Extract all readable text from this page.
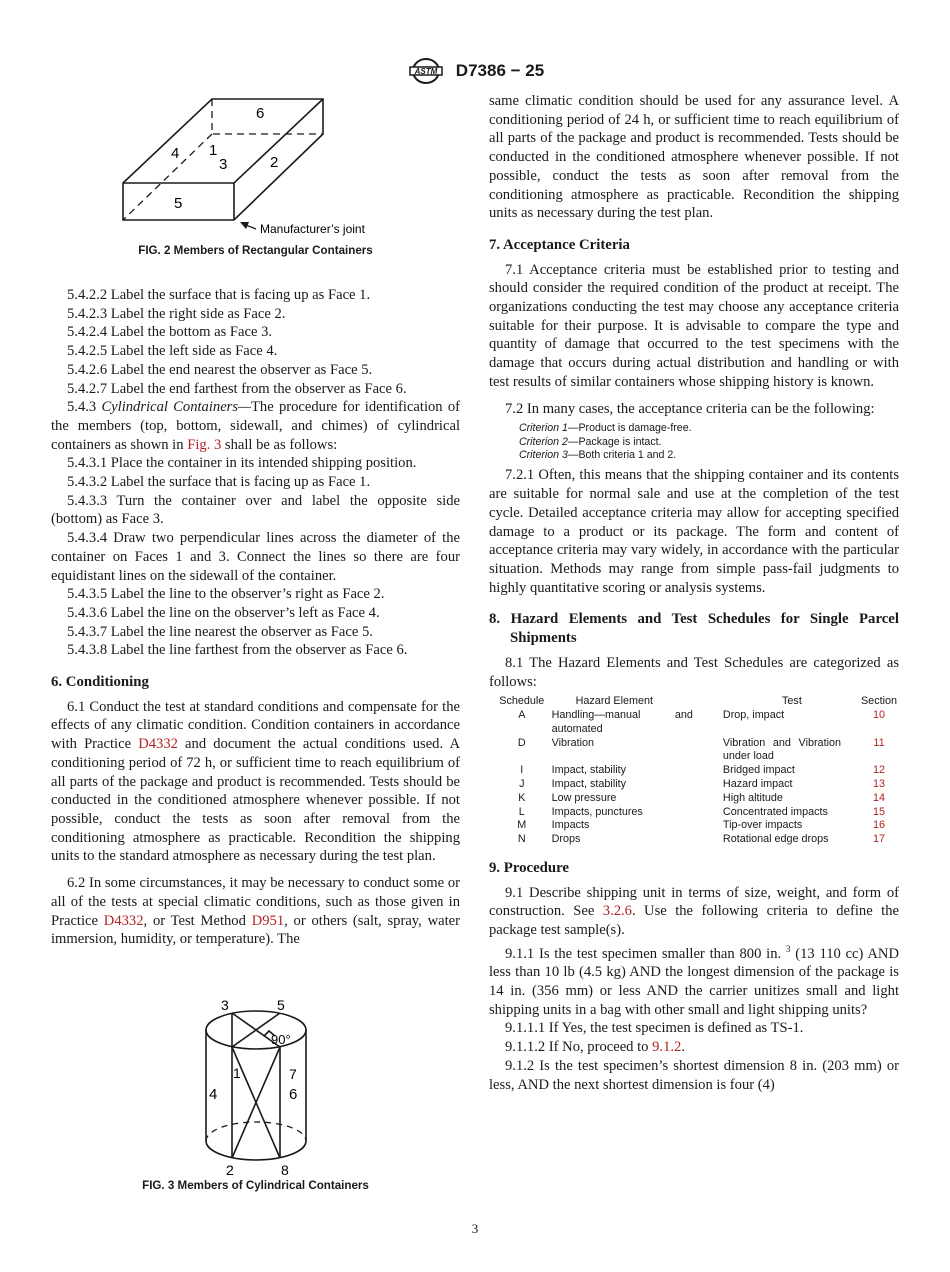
ASTM D7386 − 25
6
1
4
3	2
5
Manufacturer’s joint
FIG. 2 Members of Rectangular Containers

5.4.2.2 Label the surface that is facing up as Face 1.

5.4.2.3 Label the right side as Face 2.

5.4.2.4 Label the bottom as Face 3.

5.4.2.5 Label the left side as Face 4.

5.4.2.6 Label the end nearest the observer as Face 5.

5.4.2.7 Label the end farthest from the observer as Face 6.

5.4.3 Cylindrical Containers—The procedure for identification of the members (top, bottom, sidewall, and chimes) of cylindrical containers as shown in Fig. 3 shall be as follows:

5.4.3.1 Place the container in its intended shipping position.

5.4.3.2 Label the surface that is facing up as Face 1.

5.4.3.3 Turn the container over and label the opposite side (bottom) as Face 3.

5.4.3.4 Draw two perpendicular lines across the diameter of the container on Faces 1 and 3. Connect the lines so there are four equidistant lines on the sidewall of the container.

5.4.3.5 Label the line to the observer’s right as Face 2.

5.4.3.6 Label the line on the observer’s left as Face 4.

5.4.3.7 Label the line nearest the observer as Face 5.

5.4.3.8 Label the line farthest from the observer as Face 6.

6. Conditioning

6.1 Conduct the test at standard conditions and compensate for the effects of any climatic condition. Condition containers in accordance with Practice D4332 and document the actual conditions used. A conditioning period of 72 h, or sufficient time to reach equilibrium of all parts of the package and product is recommended. Tests should be conducted in the conditioned atmosphere whenever possible. If not possible, conduct the tests as soon after removal from the conditioning atmosphere as practicable. Recondition the shipping units to the standard atmosphere as necessary during the test plan.

6.2 In some circumstances, it may be necessary to conduct some or all of the tests at special climatic conditions, such as those given in Practice D4332, or Test Method D951, or others (salt, spray, water immersion, humidity, or temperature). The

3	5
90°
1	7
4	6
2	8
FIG. 3 Members of Cylindrical Containers

same climatic condition should be used for any assurance level. A conditioning period of 24 h, or sufficient time to reach equilibrium of all parts of the package and product is recommended. Tests should be conducted in the conditioned atmosphere whenever possible. If not possible, conduct the tests as soon after removal from the conditioning atmosphere as practicable. Recondition the shipping units as necessary during the test plan.

7. Acceptance Criteria

7.1 Acceptance criteria must be established prior to testing and should consider the required condition of the product at receipt. The organizations conducting the test may choose any acceptance criteria suitable for their purpose. It is advisable to compare the type and quantity of damage that occurred to the test specimens with the damage that occurs during actual distribution and handling or with test results of similar containers whose shipping history is known.

7.2 In many cases, the acceptance criteria can be the following:

Criterion 1—Product is damage-free.

Criterion 2—Package is intact.

Criterion 3—Both criteria 1 and 2.

7.2.1 Often, this means that the shipping container and its contents are suitable for normal sale and use at the completion of the test cycle. Detailed acceptance criteria may allow for accepting specified damage to a product or its package. The form and content of acceptance criteria may vary widely, in accordance with the particular situation. Methods may range from simple pass-fail judgments to highly quantitative scoring or analysis systems.

8. Hazard Elements and Test Schedules for Single Parcel Shipments

8.1 The Hazard Elements and Test Schedules are categorized as follows:

Schedule	Hazard Element	Test	Section
A	Handling—manual and automated	Drop, impact	10
D	Vibration	Vibration and Vibration under load	11
I	Impact, stability	Bridged impact	12
J	Impact, stability	Hazard impact	13
K	Low pressure	High altitude	14
L	Impacts, punctures	Concentrated impacts	15
M	Impacts	Tip-over impacts	16
N	Drops	Rotational edge drops	17

9. Procedure

9.1 Describe shipping unit in terms of size, weight, and form of construction. See 3.2.6. Use the following criteria to define the package test sample(s).

9.1.1 Is the test specimen smaller than 800 in. $^3$ (13 110 cc) AND less than 10 lb (4.5 kg) AND the longest dimension of the package is 14 in. (356 mm) or less AND the carrier unitizes small and light shipping units in a bag with other small and light shipping units?

9.1.1.1 If Yes, the test specimen is defined as TS-1.

9.1.1.2 If No, proceed to 9.1.2.

9.1.2 Is the test specimen’s shortest dimension 8 in. (203 mm) or less, AND the next shortest dimension is four (4)

3
